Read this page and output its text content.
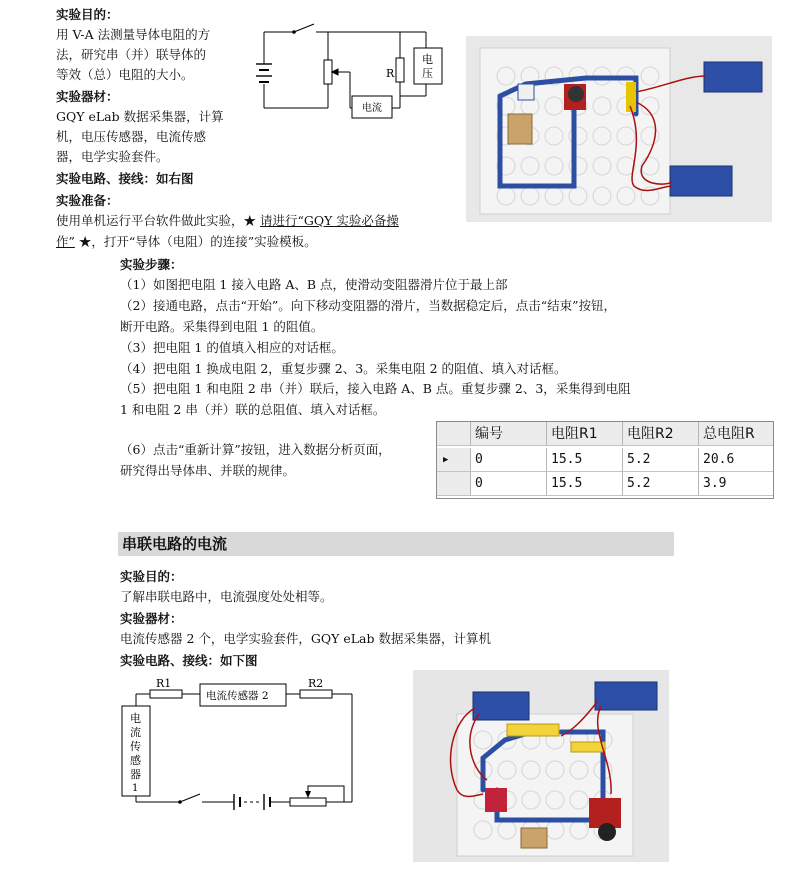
实验目的：
用 V-A 法测量导体电阻的方
法，研究串（并）联导体的
等效（总）电阻的大小。
实验器材：
GQY eLab 数据采集器，计算
机，电压传感器，电流传感
器，电学实验套件。
实验电路、接线：如右图
实验准备：
使用单机运行平台软件做此实验，★ 请进行“GQY 实验必备操
作” ★，打开“导体（电阻）的连接”实验模板。
R
电
压
电流
实验步骤：
（1）如图把电阻 1 接入电路 A、B 点，使滑动变阻器滑片位于最上部
（2）接通电路，点击“开始”。向下移动变阻器的滑片，当数据稳定后，点击“结束”按钮，
断开电路。采集得到电阻 1 的阻值。
（3）把电阻 1 的值填入相应的对话框。
（4）把电阻 1 换成电阻 2，重复步骤 2、3。采集电阻 2 的阻值、填入对话框。
（5）把电阻 1 和电阻 2 串（并）联后，接入电路 A、B 点。重复步骤 2、3，采集得到电阻
1 和电阻 2 串（并）联的总阻值、填入对话框。
（6）点击“重新计算”按钮，进入数据分析页面，
研究得出导体串、并联的规律。
编号	电阻R1	电阻R2	总电阻R
▶	0	15.5	5.2	20.6
0	15.5	5.2	3.9
串联电路的电流
实验目的：
了解串联电路中，电流强度处处相等。
实验器材：
电流传感器 2 个，电学实验套件，GQY eLab 数据采集器，计算机
实验电路、接线：如下图
R1	R2
电流传感器 2
电
流
传
感
器
1
